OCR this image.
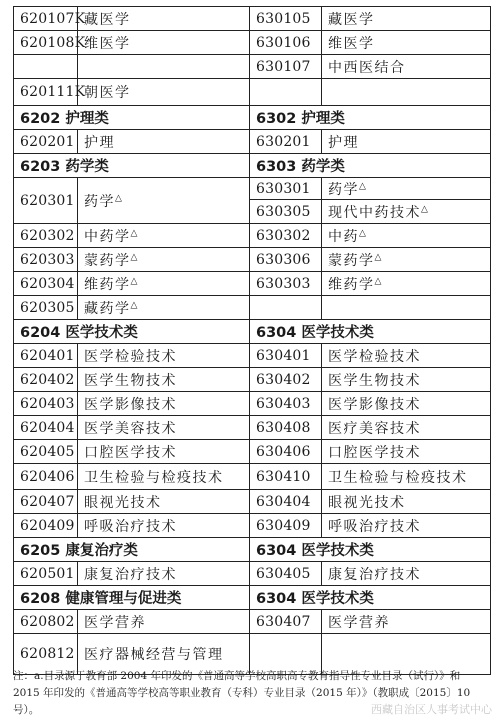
620107K	藏医学	630105	藏医学
620108K	维医学	630106	维医学
		630107	中西医结合
620111K	朝医学		
6202 护理类		6302 护理类	
620201	护理	630201	护理
6203 药学类		6303 药学类	
620301	药学△	630301	药学△
		630305	现代中药技术△
620302	中药学△	630302	中药△
620303	蒙药学△	630306	蒙药学△
620304	维药学△	630303	维药学△
620305	藏药学△		
6204 医学技术类		6304 医学技术类	
620401	医学检验技术	630401	医学检验技术
620402	医学生物技术	630402	医学生物技术
620403	医学影像技术	630403	医学影像技术
620404	医学美容技术	630408	医疗美容技术
620405	口腔医学技术	630406	口腔医学技术
620406	卫生检验与检疫技术	630410	卫生检验与检疫技术
620407	眼视光技术	630404	眼视光技术
620409	呼吸治疗技术	630409	呼吸治疗技术
6205 康复治疗类		6304 医学技术类	
620501	康复治疗技术	630405	康复治疗技术
6208 健康管理与促进类		6304 医学技术类	
620802	医学营养	630407	医学营养
620812	医疗器械经营与管理		
注：a.目录源于教育部 2004 年印发的《普通高等学校高职高专教育指导性专业目录（试行）》和 2015 年印发的《普通高等学校高等职业教育（专科）专业目录（2015 年）》（教职成〔2015〕10 号）。	西藏自治区人事考试中心
